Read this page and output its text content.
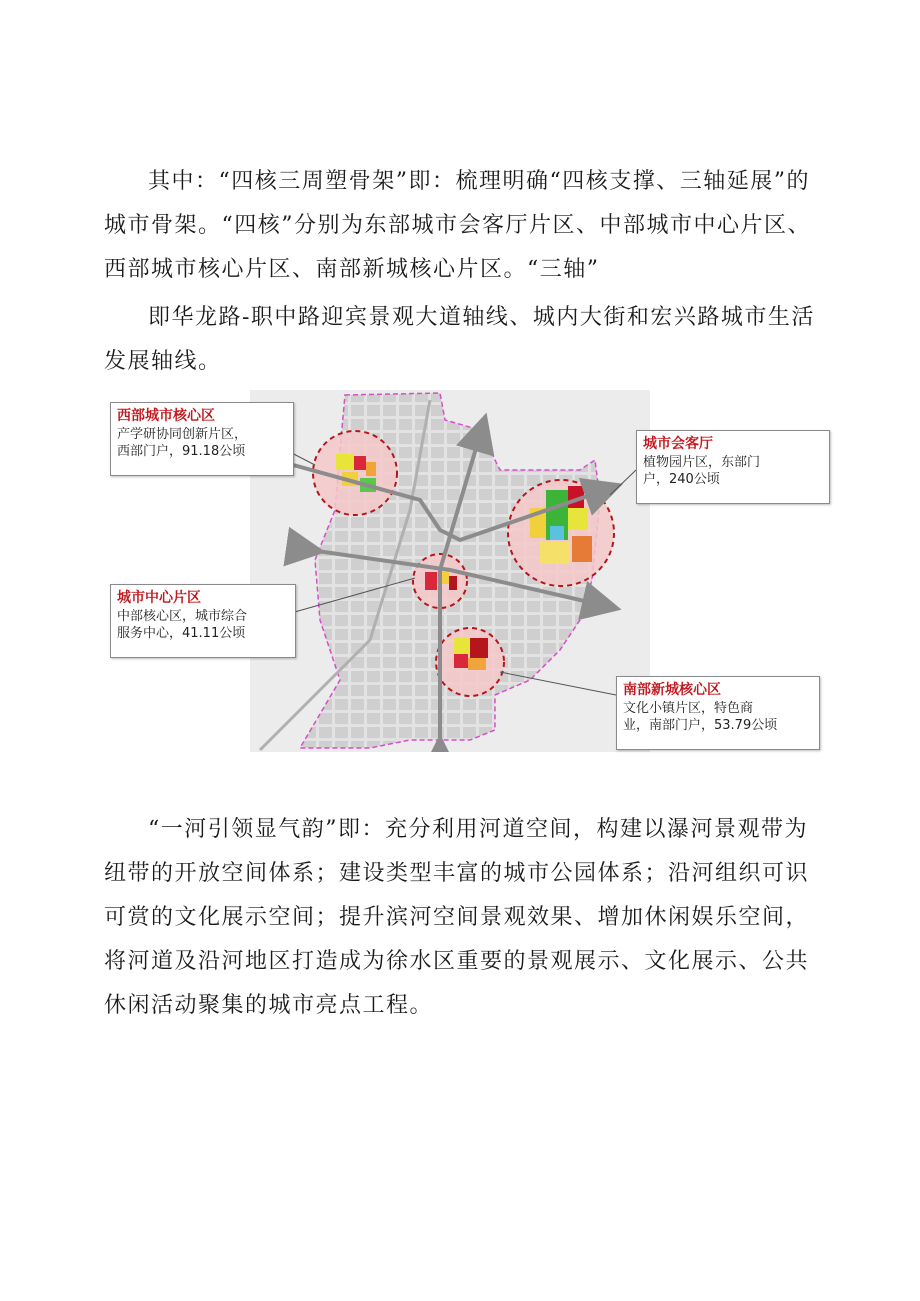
其中：“四核三周塑骨架”即：梳理明确“四核支撑、三轴延展”的城市骨架。“四核”分别为东部城市会客厅片区、中部城市中心片区、西部城市核心片区、南部新城核心片区。“三轴”

即华龙路-职中路迎宾景观大道轴线、城内大街和宏兴路城市生活发展轴线。

西部城市核心区
产学研协同创新片区，
西部门户，91.18公顷	城市会客厅
植物园片区，东部门
户，240公顷
城市中心片区
中部核心区，城市综合
服务中心，41.11公顷
南部新城核心区
文化小镇片区，特色商
业，南部门户，53.79公顷

“一河引领显气韵”即：充分利用河道空间，构建以瀑河景观带为纽带的开放空间体系；建设类型丰富的城市公园体系；沿河组织可识可赏的文化展示空间；提升滨河空间景观效果、增加休闲娱乐空间，将河道及沿河地区打造成为徐水区重要的景观展示、文化展示、公共休闲活动聚集的城市亮点工程。
